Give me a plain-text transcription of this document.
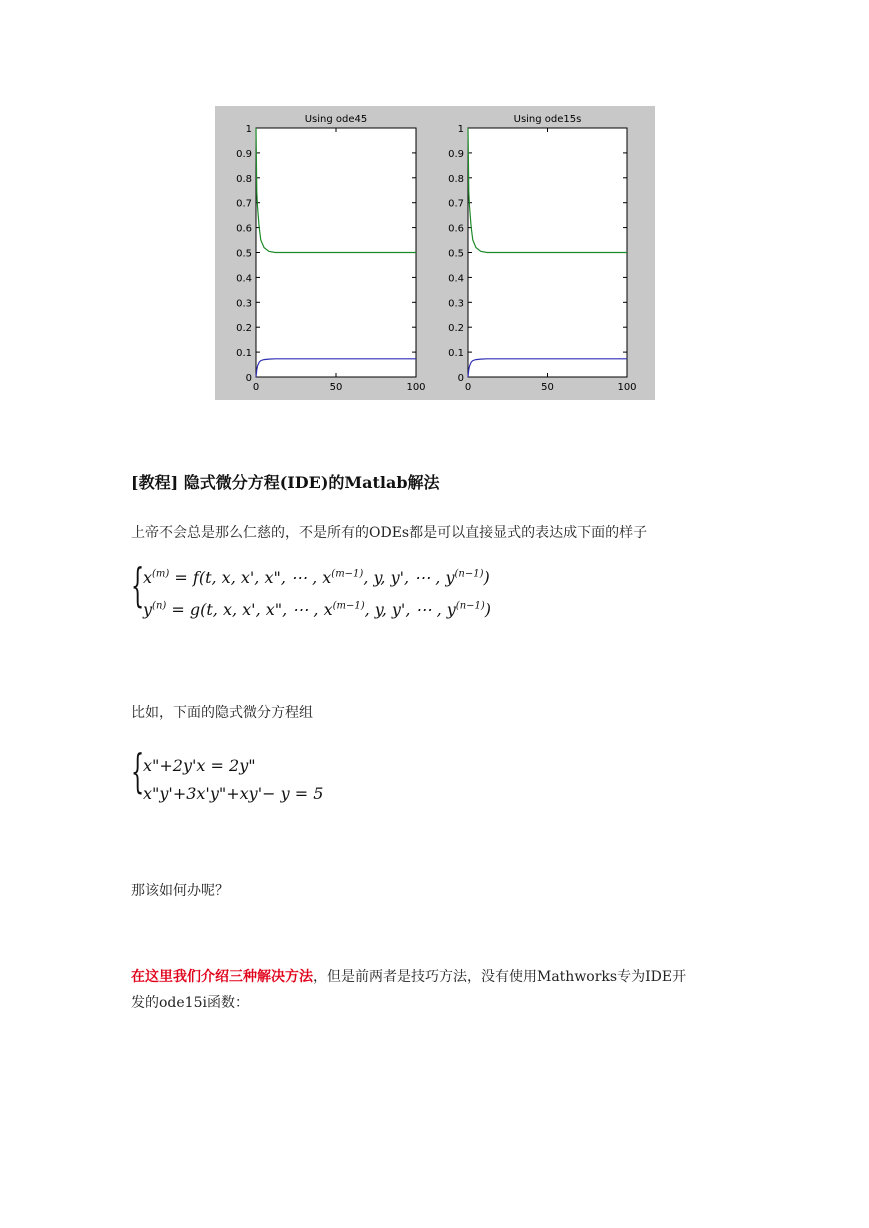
Using ode45
0
0.1
0.2
0.3
0.4
0.5
0.6
0.7
0.8
0.9
1
0	50	100
Using ode15s
0
0.1
0.2
0.3
0.4
0.5
0.6
0.7
0.8
0.9
1
0	50	100
[教程] 隐式微分方程(IDE)的Matlab解法
上帝不会总是那么仁慈的，不是所有的ODEs都是可以直接显式的表达成下面的样子
{
$x^{(m)} = f(t$, x, x', x", ⋯ , $x^{(m-1)}$, y, y', ⋯ , $y^{(n-1)}$)
$y^{(n)} = g(t$, x, x', x", ⋯ , $x^{(m-1)}$, y, y', ⋯ , $y^{(n-1)}$)
比如，下面的隐式微分方程组
{
x"+2y'x = 2y"
x"y'+3x'y"+xy'− y = 5
那该如何办呢？
在这里我们介绍三种解决方法，但是前两者是技巧方法，没有使用Mathworks专为IDE开
发的ode15i函数：
